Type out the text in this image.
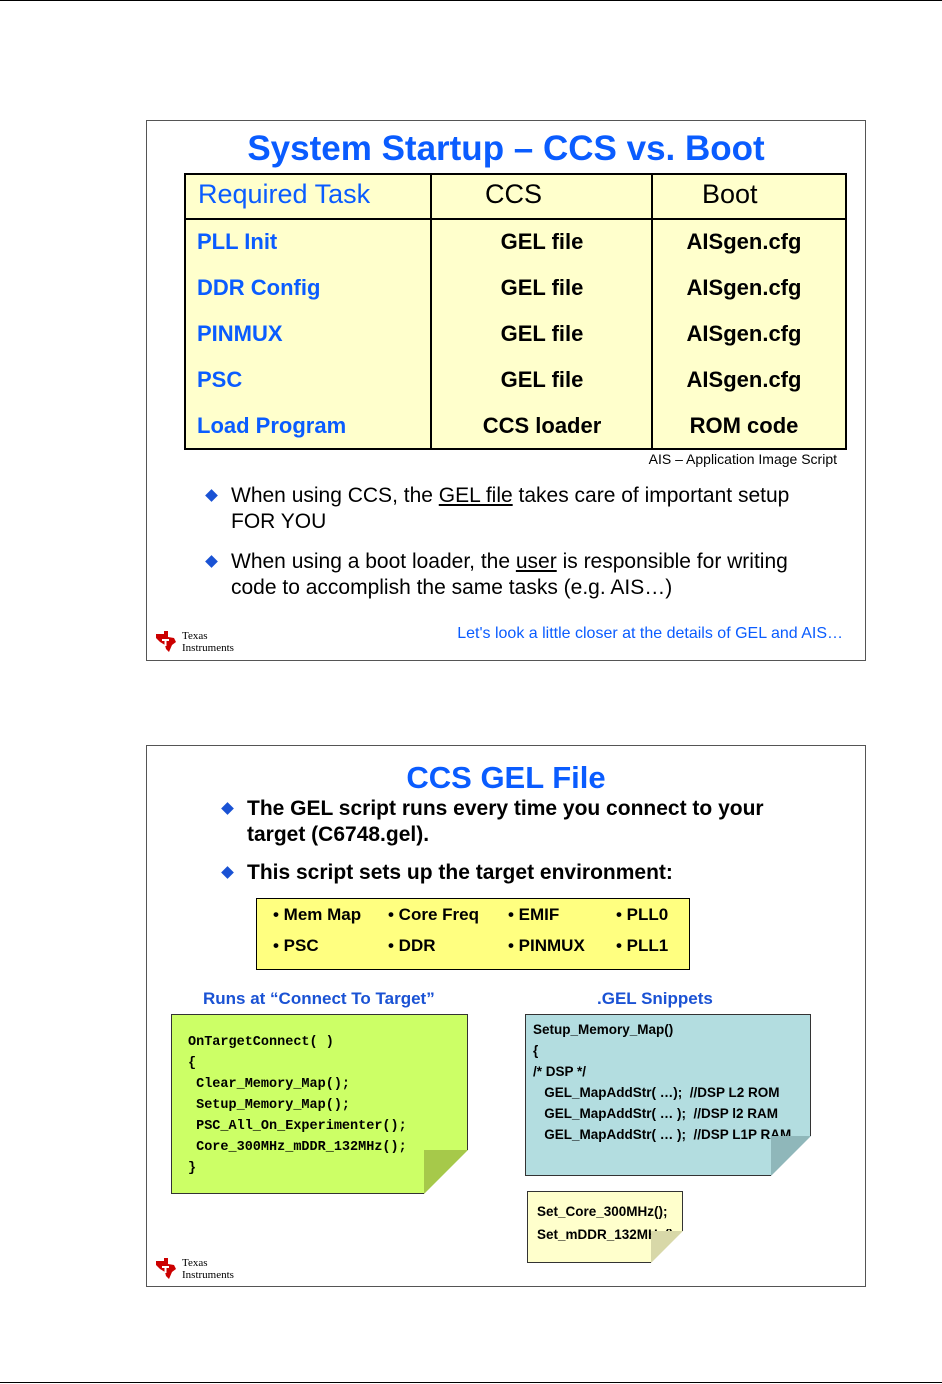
System Startup – CCS vs. Boot
Required Task	CCS	Boot
PLL Init	GEL file	AISgen.cfg
DDR Config	GEL file	AISgen.cfg
PINMUX	GEL file	AISgen.cfg
PSC	GEL file	AISgen.cfg
Load Program	CCS loader	ROM code
AIS – Application Image Script
When using CCS, the GEL file takes care of important setup FOR YOU
When using a boot loader, the user is responsible for writing code to accomplish the same tasks (e.g. AIS…)
Let's look a little closer at the details of GEL and AIS…
Texas
Instruments
CCS GEL File
The GEL script runs every time you connect to your target (C6748.gel).
This script sets up the target environment:
• Mem Map • Core Freq • EMIF	• PLL0
• PSC	• DDR	• PINMUX • PLL1
Runs at “Connect To Target”	.GEL Snippets
OnTargetConnect( )
{
Clear_Memory_Map();
Setup_Memory_Map();
PSC_All_On_Experimenter();
Core_300MHz_mDDR_132MHz();
}
Setup_Memory_Map()
{
/* DSP */
GEL_MapAddStr( …);  //DSP L2 ROM
GEL_MapAddStr( … );  //DSP l2 RAM
GEL_MapAddStr( … );  //DSP L1P RAM
Set_Core_300MHz();
Set_mDDR_132MHz();
Texas
Instruments
